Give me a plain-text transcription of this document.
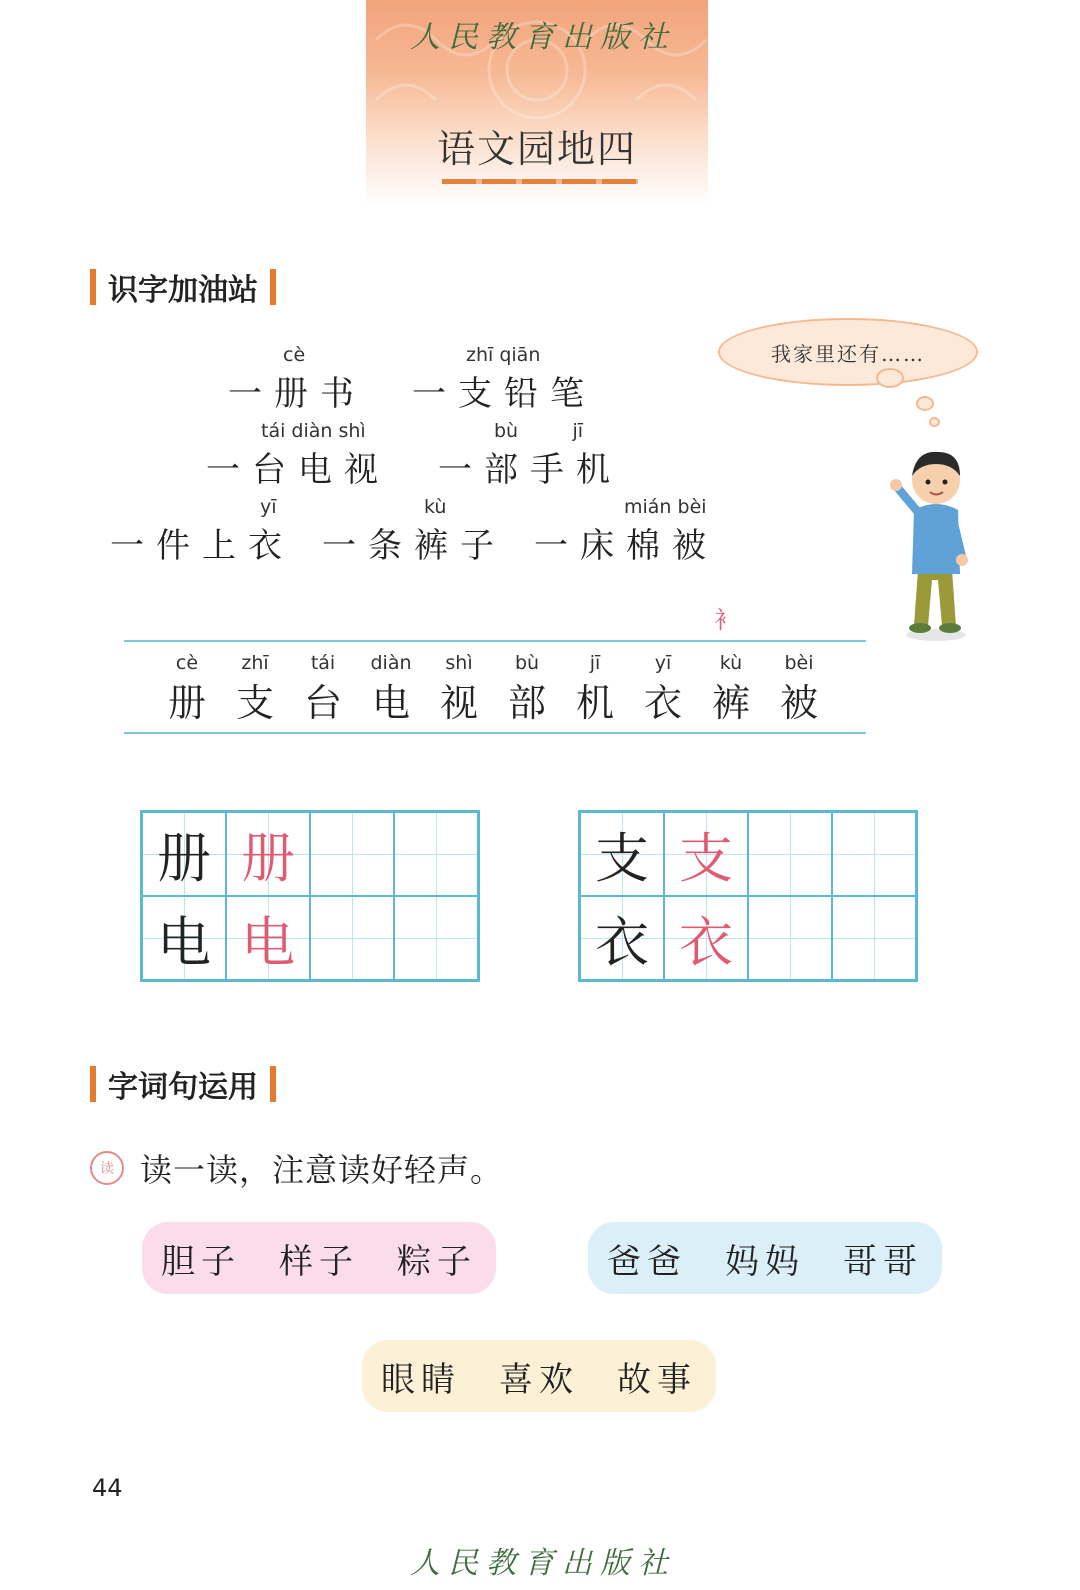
人民教育出版社
语文园地四
识字加油站
cè
一册书
zhī qiān
一支铅笔
tái diàn shì
一台电视
bù         jī
一部手机
yī
一件上衣
kù
一条裤子
mián bèi
一床棉被
我家里还有……
衤
cè
册
zhī
支
tái
台
diàn
电
shì
视
bù
部
jī
机
yī
衣
kù
裤
bèi
被
册 册
电 电
支 支
衣 衣
字词句运用
读 读一读，注意读好轻声。
胆子 样子 粽子	爸爸 妈妈 哥哥
眼睛 喜欢 故事
44
人民教育出版社
